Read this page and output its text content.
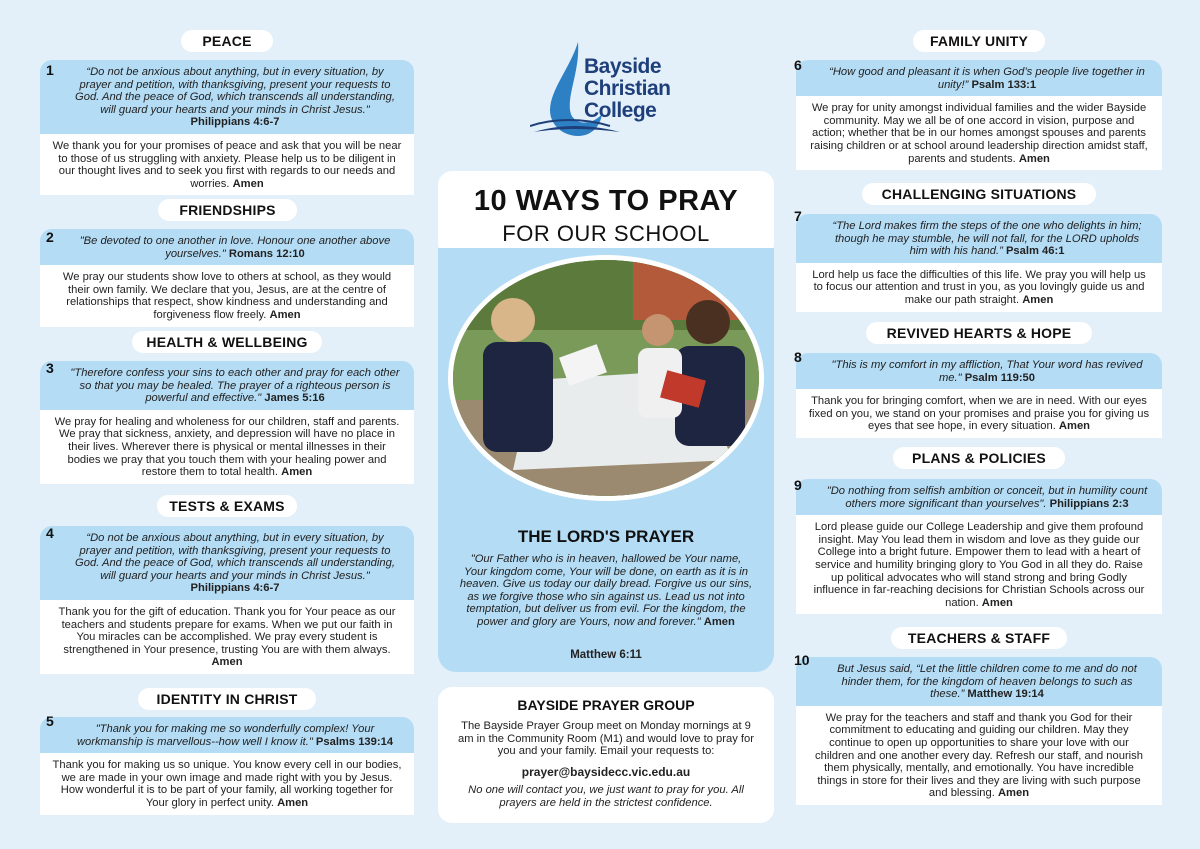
Bayside
Christian
College
10 WAYS TO PRAY
FOR OUR SCHOOL
THE LORD'S PRAYER
"Our Father who is in heaven, hallowed be Your name, Your kingdom come, Your will be done, on earth as it is in heaven. Give us today our daily bread. Forgive us our sins, as we forgive those who sin against us. Lead us not into temptation, but deliver us from evil. For the kingdom, the power and glory are Yours, now and forever." Amen
Matthew 6:11
BAYSIDE PRAYER GROUP
The Bayside Prayer Group meet on Monday mornings at 9 am in the Community Room (M1) and would love to pray for you and your family. Email your requests to:
prayer@baysidecc.vic.edu.au
No one will contact you, we just want to pray for you. All prayers are held in the strictest confidence.
PEACE
“Do not be anxious about anything, but in every situation, by prayer and petition, with thanksgiving, present your requests to God. And the peace of God, which transcends all understanding, will guard your hearts and your minds in Christ Jesus." Philippians 4:6-7
We thank you for your promises of peace and ask that you will be near to those of us struggling with anxiety. Please help us to be diligent in our thought lives and to seek you first with regards to our needs and worries. Amen
1
FRIENDSHIPS
"Be devoted to one another in love. Honour one another above yourselves." Romans 12:10
We pray our students show love to others at school, as they would their own family. We declare that you, Jesus, are at the centre of relationships that respect, show kindness and understanding and forgiveness flow freely. Amen
2
HEALTH & WELLBEING
"Therefore confess your sins to each other and pray for each other so that you may be healed. The prayer of a righteous person is powerful and effective." James 5:16
We pray for healing and wholeness for our children, staff and parents. We pray that sickness, anxiety, and depression will have no place in their lives. Wherever there is physical or mental illnesses in their bodies we pray that you touch them with your healing power and restore them to total health. Amen
3
TESTS & EXAMS
“Do not be anxious about anything, but in every situation, by prayer and petition, with thanksgiving, present your requests to God. And the peace of God, which transcends all understanding, will guard your hearts and your minds in Christ Jesus." Philippians 4:6-7
Thank you for the gift of education. Thank you for Your peace as our teachers and students prepare for exams. When we put our faith in You miracles can be accomplished. We pray every student is strengthened in Your presence, trusting You are with them always. Amen
4
IDENTITY IN CHRIST
"Thank you for making me so wonderfully complex! Your workmanship is marvellous--how well I know it." Psalms 139:14
Thank you for making us so unique. You know every cell in our bodies, we are made in your own image and made right with you by Jesus. How wonderful it is to be part of your family, all working together for Your glory in perfect unity. Amen
5
FAMILY UNITY
“How good and pleasant it is when God’s people live together in unity!” Psalm 133:1
We pray for unity amongst individual families and the wider Bayside community. May we all be of one accord in vision, purpose and action; whether that be in our homes amongst spouses and parents raising children or at school around leadership direction amidst staff, parents and students. Amen
6
CHALLENGING SITUATIONS
“The Lord makes firm the steps of the one who delights in him; though he may stumble, he will not fall, for the LORD upholds him with his hand.” Psalm 46:1
Lord help us face the difficulties of this life. We pray you will help us to focus our attention and trust in you, as you lovingly guide us and make our path straight. Amen
7
REVIVED HEARTS & HOPE
"This is my comfort in my affliction, That Your word has revived me." Psalm 119:50
Thank you for bringing comfort, when we are in need. With our eyes fixed on you, we stand on your promises and praise you for giving us eyes that see hope, in every situation. Amen
8
PLANS & POLICIES
"Do nothing from selfish ambition or conceit, but in humility count others more significant than yourselves". Philippians 2:3
Lord please guide our College Leadership and give them profound insight. May You lead them in wisdom and love as they guide our College into a bright future. Empower them to lead with a heart of service and humility bringing glory to You God in all they do. Raise up political advocates who will stand strong and bring Godly influence in far-reaching decisions for Christian Schools across our nation. Amen
9
TEACHERS & STAFF
But Jesus said, “Let the little children come to me and do not hinder them, for the kingdom of heaven belongs to such as these.” Matthew 19:14
We pray for the teachers and staff and thank you God for their commitment to educating and guiding our children. May they continue to open up opportunities to share your love with our children and one another every day. Refresh our staff, and nourish them physically, mentally, and emotionally. You have incredible things in store for their lives and they are living with such purpose and blessing. Amen
10
